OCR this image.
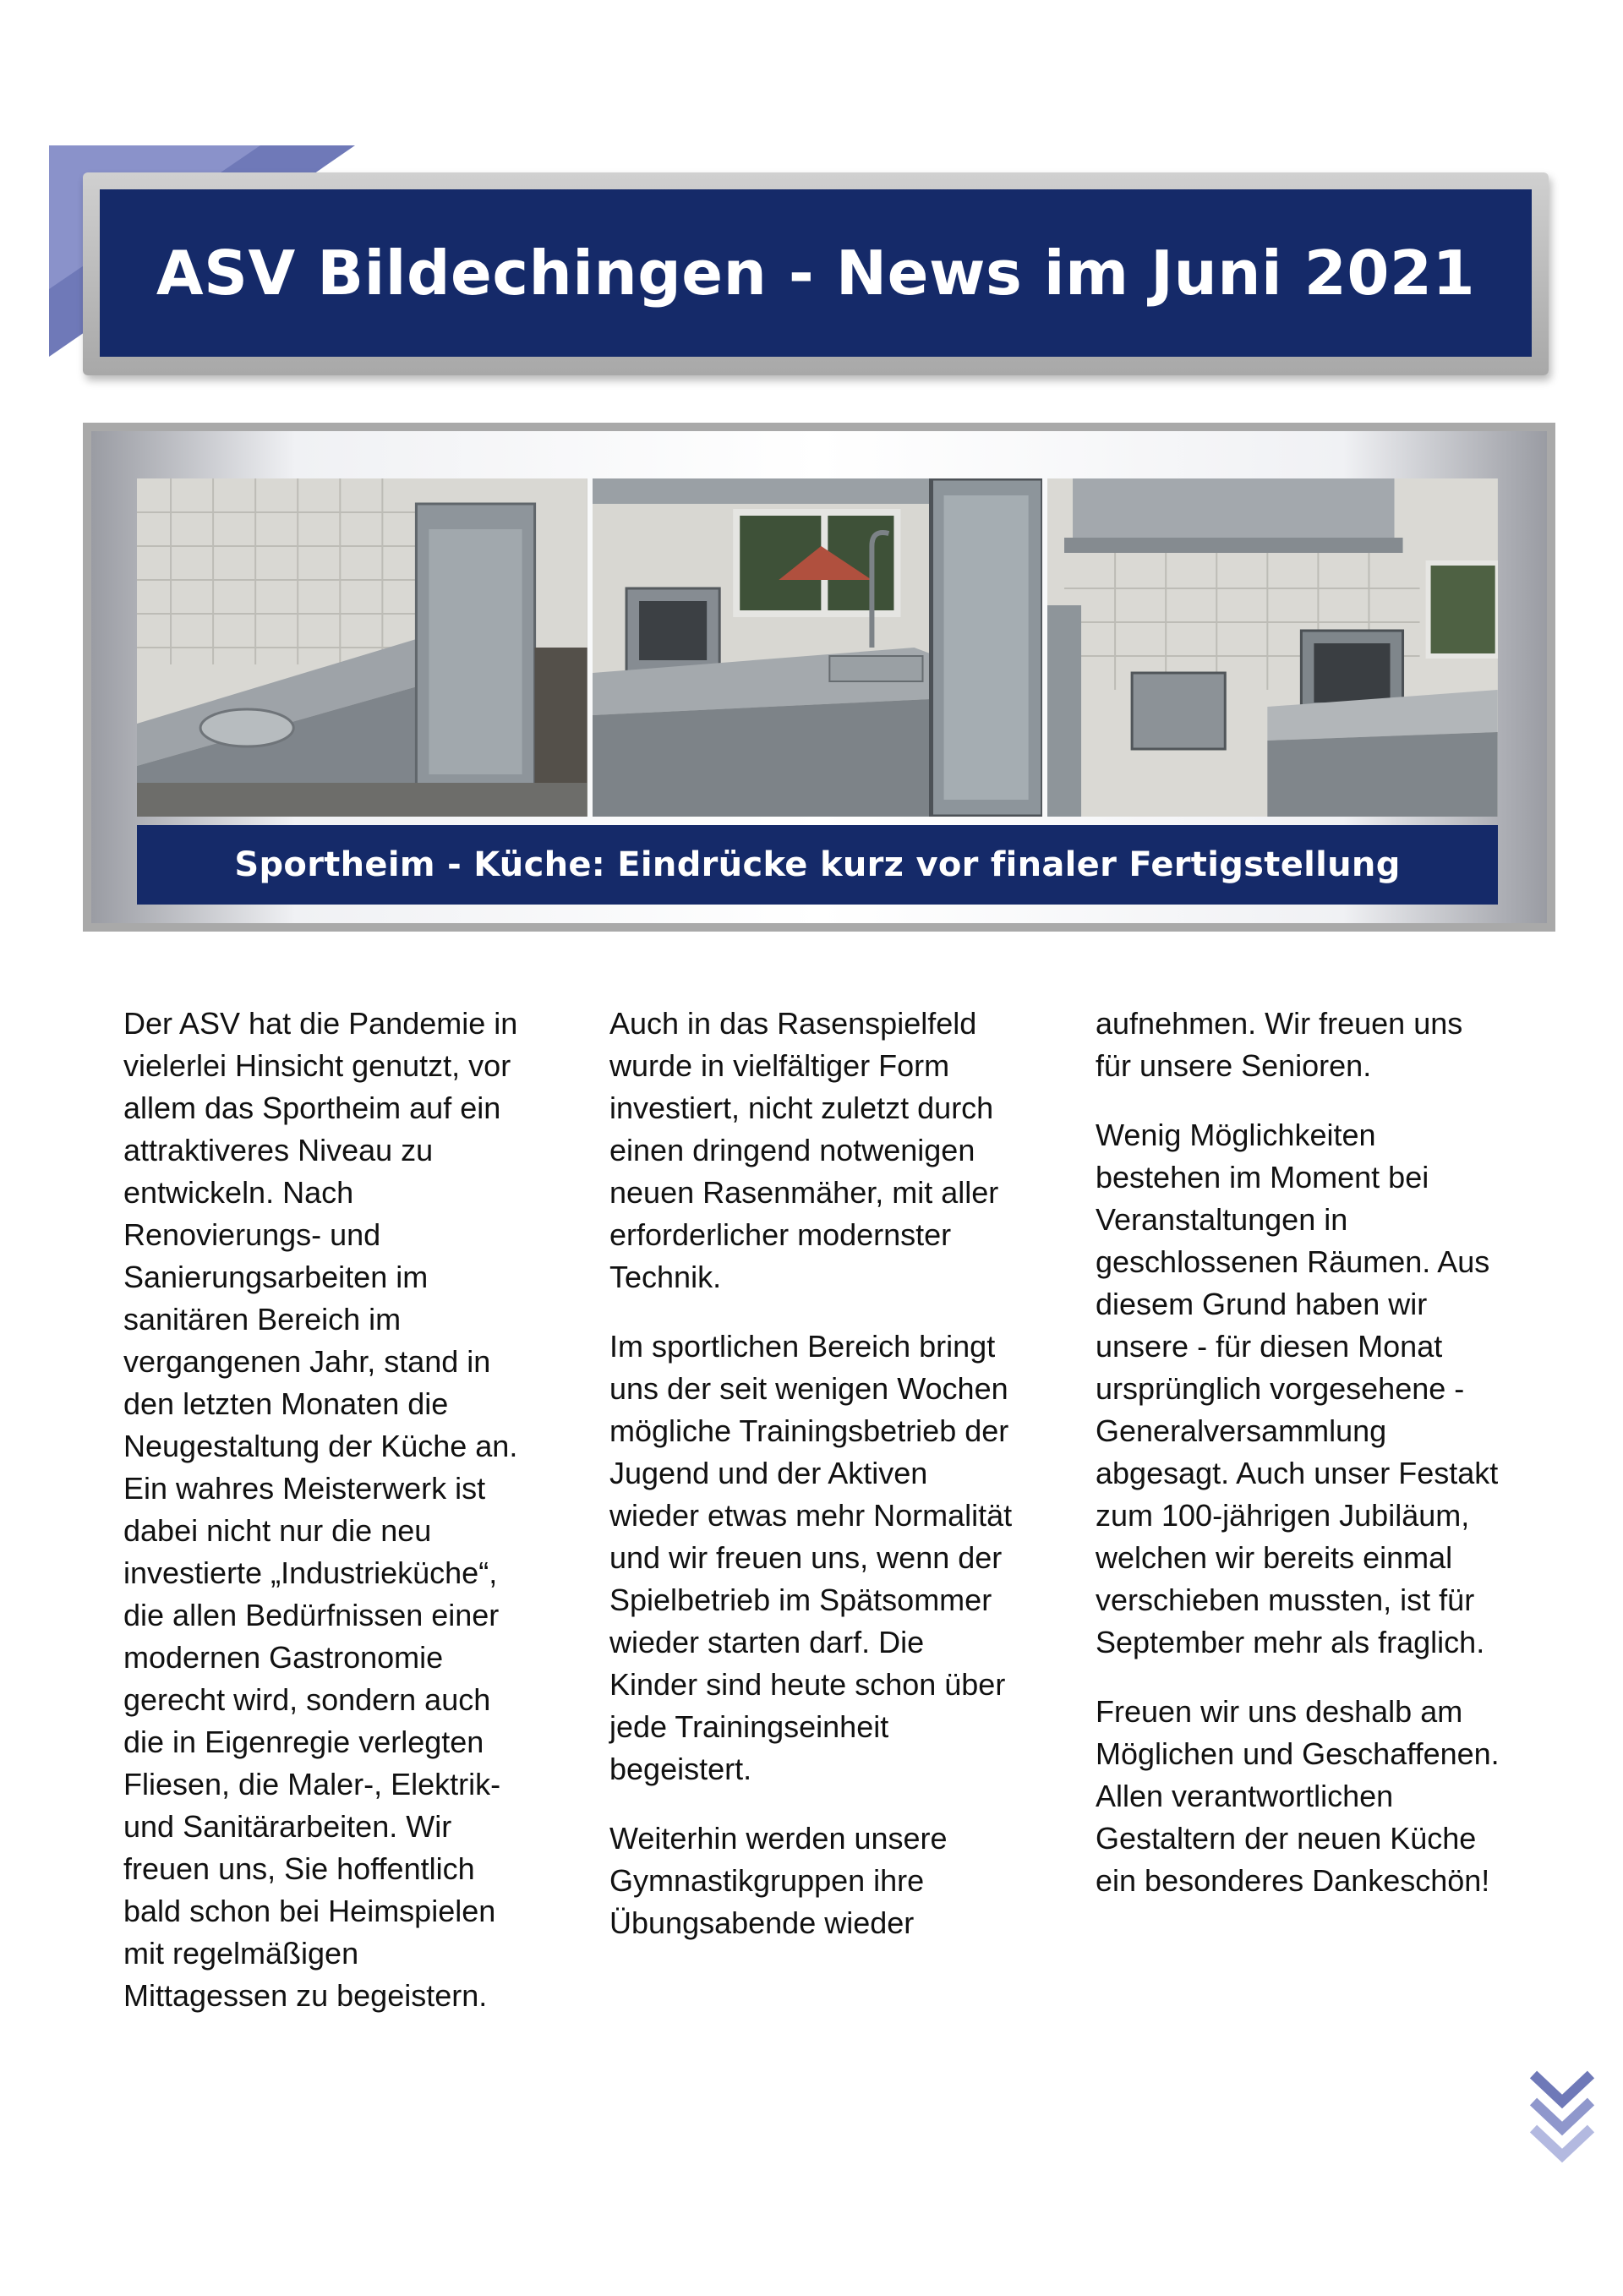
ASV Bildechingen - News im Juni 2021
Sportheim - Küche: Eindrücke kurz vor finaler Fertigstellung

Der ASV hat die Pandemie in vielerlei Hinsicht genutzt, vor allem das Sportheim auf ein attraktiveres Niveau zu entwickeln. Nach Renovierungs- und Sanierungsarbeiten im sanitären Bereich im vergangenen Jahr, stand in den letzten Monaten die Neugestaltung der Küche an. Ein wahres Meisterwerk ist dabei nicht nur die neu investierte „Industrieküche“, die allen Bedürfnissen einer modernen Gastronomie gerecht wird, sondern auch die in Eigenregie verlegten Fliesen, die Maler-, Elektrik- und Sanitärarbeiten. Wir freuen uns, Sie hoffentlich bald schon bei Heimspielen mit regelmäßigen Mittagessen zu begeistern.

Auch in das Rasenspielfeld wurde in vielfältiger Form investiert, nicht zuletzt durch einen dringend notwenigen neuen Rasenmäher, mit aller erforderlicher modernster Technik.

Im sportlichen Bereich bringt uns der seit wenigen Wochen mögliche Trainingsbetrieb der Jugend und der Aktiven wieder etwas mehr Normalität und wir freuen uns, wenn der Spielbetrieb im Spätsommer wieder starten darf. Die Kinder sind heute schon über jede Trainingseinheit begeistert.

Weiterhin werden unsere Gymnastikgruppen ihre Übungsabende wieder

aufnehmen. Wir freuen uns für unsere Senioren.

Wenig Möglichkeiten bestehen im Moment bei Veranstaltungen in geschlossenen Räumen. Aus diesem Grund haben wir unsere - für diesen Monat ursprünglich vorgesehene - Generalversammlung abgesagt. Auch unser Festakt zum 100-jährigen Jubiläum, welchen wir bereits einmal verschieben mussten, ist für September mehr als fraglich.

Freuen wir uns deshalb am Möglichen und Geschaffenen. Allen verantwortlichen Gestaltern der neuen Küche ein besonderes Dankeschön!
